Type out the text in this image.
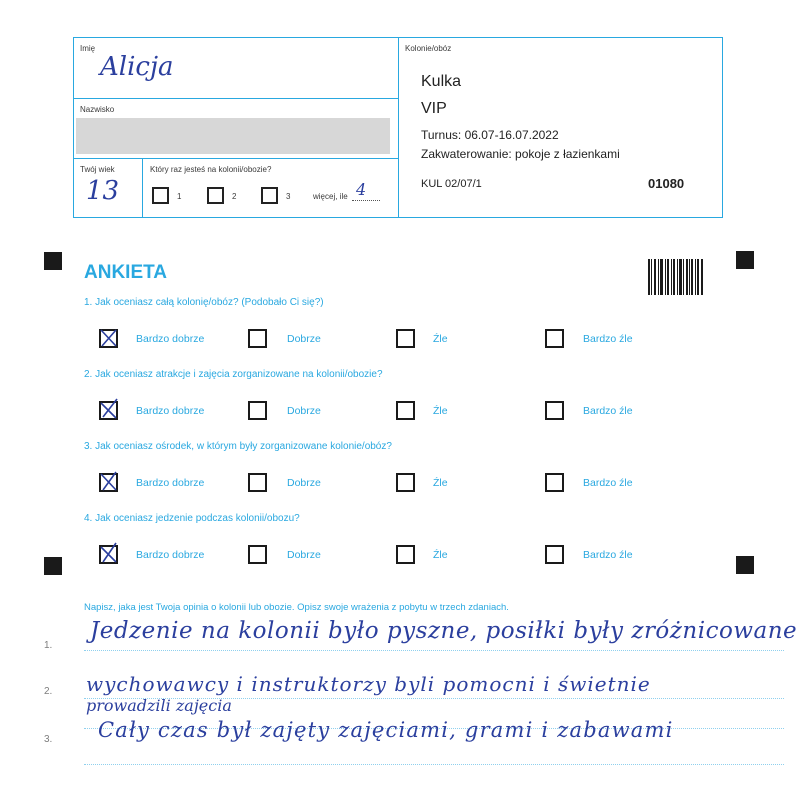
Imię
Alicja
Nazwisko
Twój wiek
13
Który raz jesteś na kolonii/obozie?
1	2	3	więcej, ile 4
Kolonie/obóz
Kulka
VIP
Turnus: 06.07-16.07.2022
Zakwaterowanie: pokoje z łazienkami
KUL 02/07/1	01080
ANKIETA
1. Jak oceniasz całą kolonię/obóz? (Podobało Ci się?)
Bardzo dobrze	Dobrze	Źle	Bardzo źle
2. Jak oceniasz atrakcje i zajęcia zorganizowane na kolonii/obozie?
Bardzo dobrze	Dobrze	Źle	Bardzo źle
3. Jak oceniasz ośrodek, w którym były zorganizowane kolonie/obóz?
Bardzo dobrze	Dobrze	Źle	Bardzo źle
4. Jak oceniasz jedzenie podczas kolonii/obozu?
Bardzo dobrze	Dobrze	Źle	Bardzo źle
Napisz, jaka jest Twoja opinia o kolonii lub obozie. Opisz swoje wrażenia z pobytu w trzech zdaniach.
1.
Jedzenie na kolonii było pyszne, posiłki były zróżnicowane
2. wychowawcy i instruktorzy byli pomocni i świetnie
prowadzili zajęcia
3. Cały czas był zajęty zajęciami, grami i zabawami
